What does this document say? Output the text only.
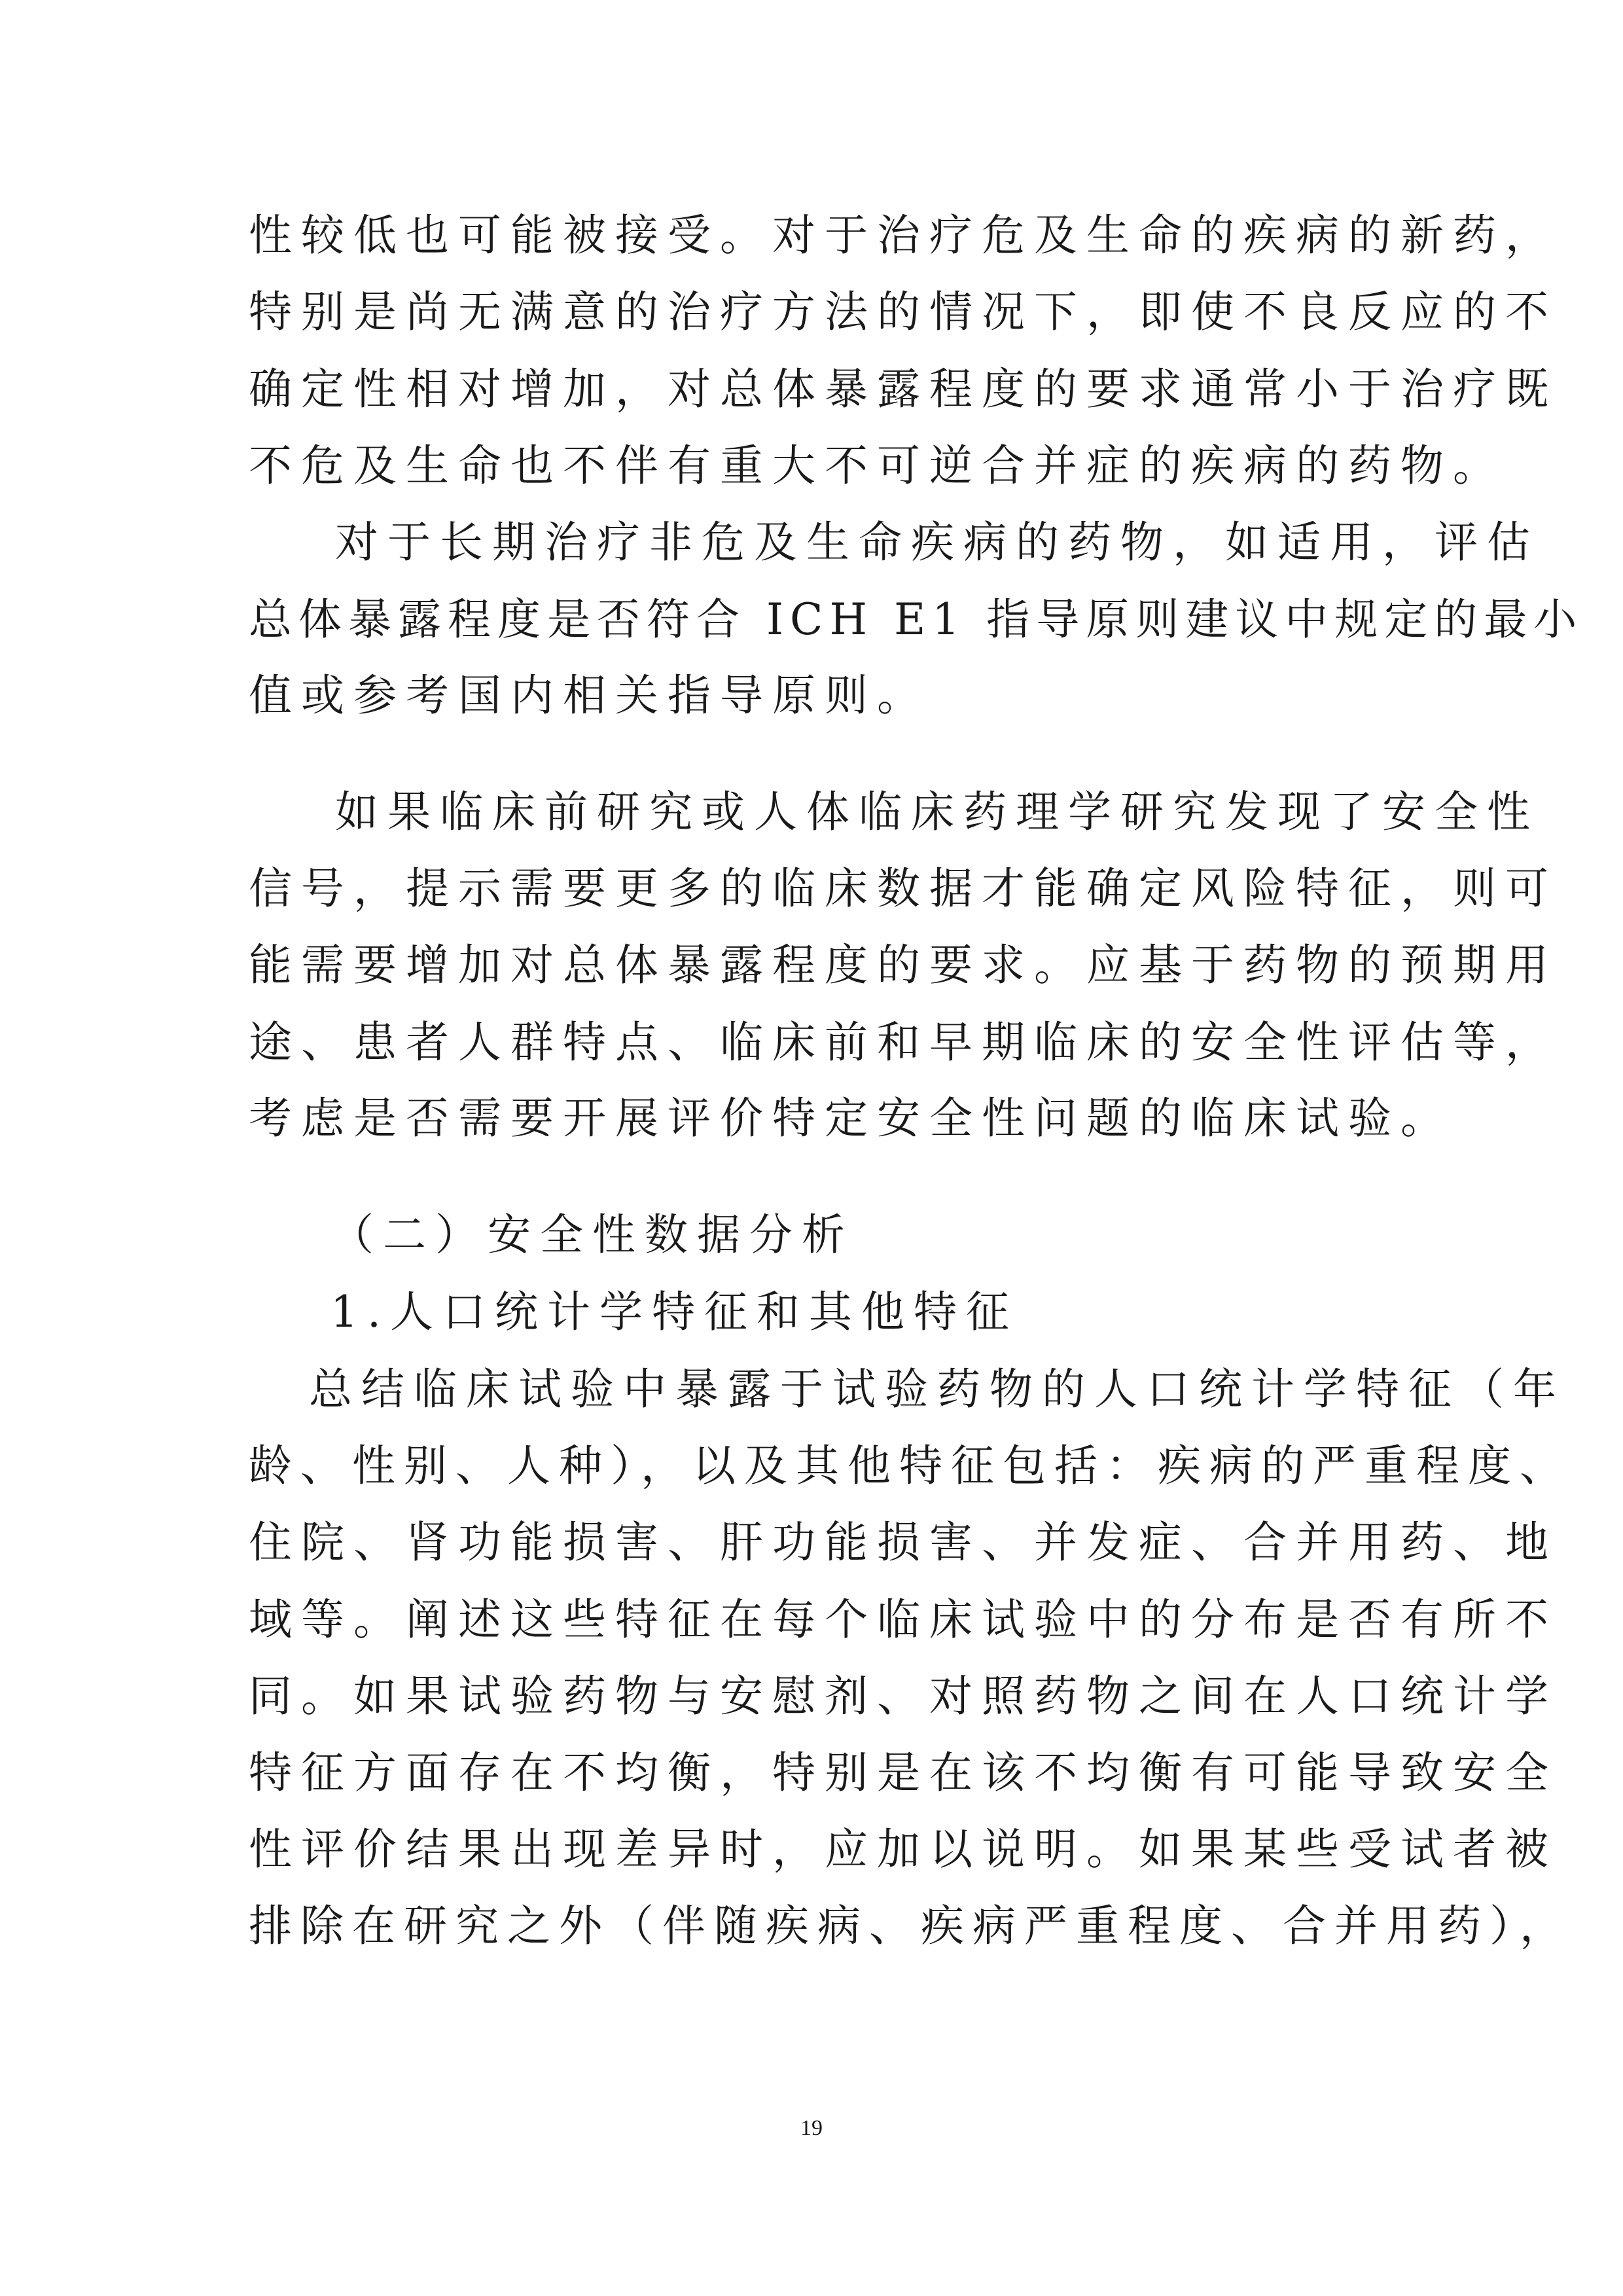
性较低也可能被接受。对于治疗危及生命的疾病的新药，
特别是尚无满意的治疗方法的情况下，即使不良反应的不
确定性相对增加，对总体暴露程度的要求通常小于治疗既
不危及生命也不伴有重大不可逆合并症的疾病的药物。
对于长期治疗非危及生命疾病的药物，如适用，评估
总体暴露程度是否符合 ICH E1 指导原则建议中规定的最小
值或参考国内相关指导原则。
如果临床前研究或人体临床药理学研究发现了安全性
信号，提示需要更多的临床数据才能确定风险特征，则可
能需要增加对总体暴露程度的要求。应基于药物的预期用
途、患者人群特点、临床前和早期临床的安全性评估等，
考虑是否需要开展评价特定安全性问题的临床试验。
（二）安全性数据分析
1.人口统计学特征和其他特征
总结临床试验中暴露于试验药物的人口统计学特征（年
龄、性别、人种），以及其他特征包括：疾病的严重程度、
住院、肾功能损害、肝功能损害、并发症、合并用药、地
域等。阐述这些特征在每个临床试验中的分布是否有所不
同。如果试验药物与安慰剂、对照药物之间在人口统计学
特征方面存在不均衡，特别是在该不均衡有可能导致安全
性评价结果出现差异时，应加以说明。如果某些受试者被
排除在研究之外（伴随疾病、疾病严重程度、合并用药），
19
